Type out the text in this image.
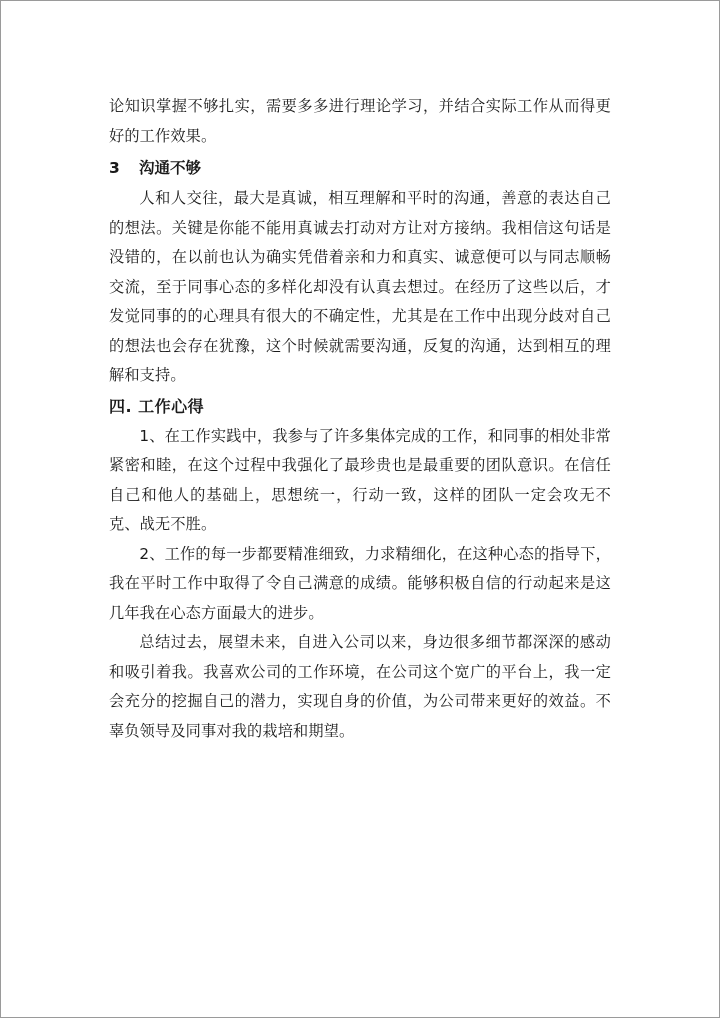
论知识掌握不够扎实，需要多多进行理论学习，并结合实际工作从而得更好的工作效果。

3 沟通不够

人和人交往，最大是真诚，相互理解和平时的沟通，善意的表达自己的想法。关键是你能不能用真诚去打动对方让对方接纳。我相信这句话是没错的，在以前也认为确实凭借着亲和力和真实、诚意便可以与同志顺畅交流，至于同事心态的多样化却没有认真去想过。在经历了这些以后，才发觉同事的的心理具有很大的不确定性，尤其是在工作中出现分歧对自己的想法也会存在犹豫，这个时候就需要沟通，反复的沟通，达到相互的理解和支持。

四. 工作心得

1、在工作实践中，我参与了许多集体完成的工作，和同事的相处非常紧密和睦，在这个过程中我强化了最珍贵也是最重要的团队意识。在信任自己和他人的基础上，思想统一，行动一致，这样的团队一定会攻无不克、战无不胜。

2、工作的每一步都要精准细致，力求精细化，在这种心态的指导下，我在平时工作中取得了令自己满意的成绩。能够积极自信的行动起来是这几年我在心态方面最大的进步。

总结过去，展望未来，自进入公司以来，身边很多细节都深深的感动和吸引着我。我喜欢公司的工作环境，在公司这个宽广的平台上，我一定会充分的挖掘自己的潜力，实现自身的价值，为公司带来更好的效益。不辜负领导及同事对我的栽培和期望。
